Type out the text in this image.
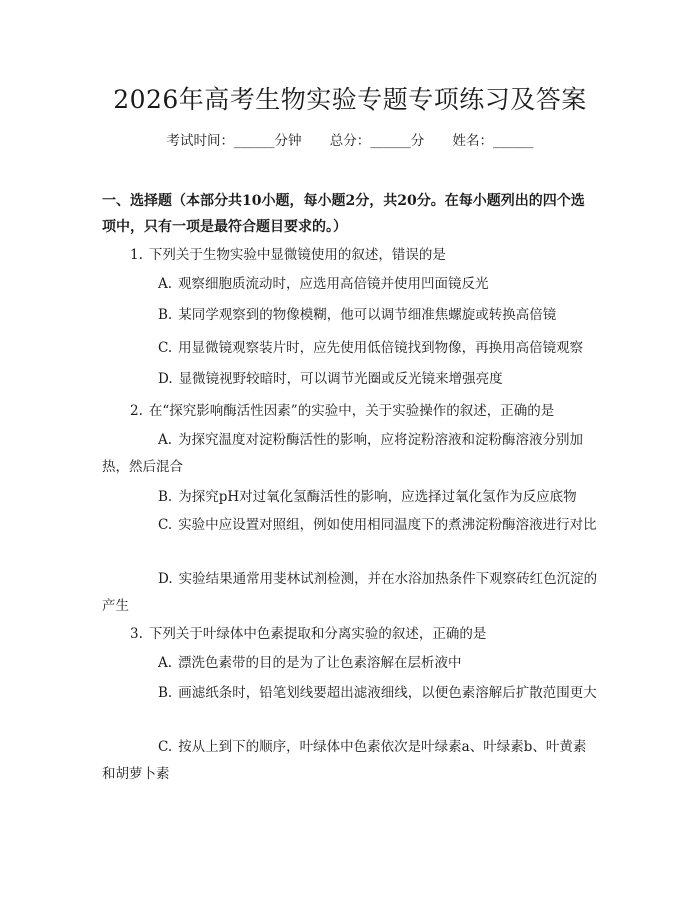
2026年高考生物实验专题专项练习及答案
考试时间：______分钟 总分：______分 姓名：______
一、选择题（本部分共10小题，每小题2分，共20分。在每小题列出的四个选项中，只有一项是最符合题目要求的。）
1. 下列关于生物实验中显微镜使用的叙述，错误的是
A. 观察细胞质流动时，应选用高倍镜并使用凹面镜反光
B. 某同学观察到的物像模糊，他可以调节细准焦螺旋或转换高倍镜
C. 用显微镜观察装片时，应先使用低倍镜找到物像，再换用高倍镜观察
D. 显微镜视野较暗时，可以调节光圈或反光镜来增强亮度
2. 在“探究影响酶活性因素”的实验中，关于实验操作的叙述，正确的是
A. 为探究温度对淀粉酶活性的影响，应将淀粉溶液和淀粉酶溶液分别加热，然后混合
B. 为探究pH对过氧化氢酶活性的影响，应选择过氧化氢作为反应底物
C. 实验中应设置对照组，例如使用相同温度下的煮沸淀粉酶溶液进行对比
D. 实验结果通常用斐林试剂检测，并在水浴加热条件下观察砖红色沉淀的产生
3. 下列关于叶绿体中色素提取和分离实验的叙述，正确的是
A. 漂洗色素带的目的是为了让色素溶解在层析液中
B. 画滤纸条时，铅笔划线要超出滤液细线，以便色素溶解后扩散范围更大
C. 按从上到下的顺序，叶绿体中色素依次是叶绿素a、叶绿素b、叶黄素和胡萝卜素
